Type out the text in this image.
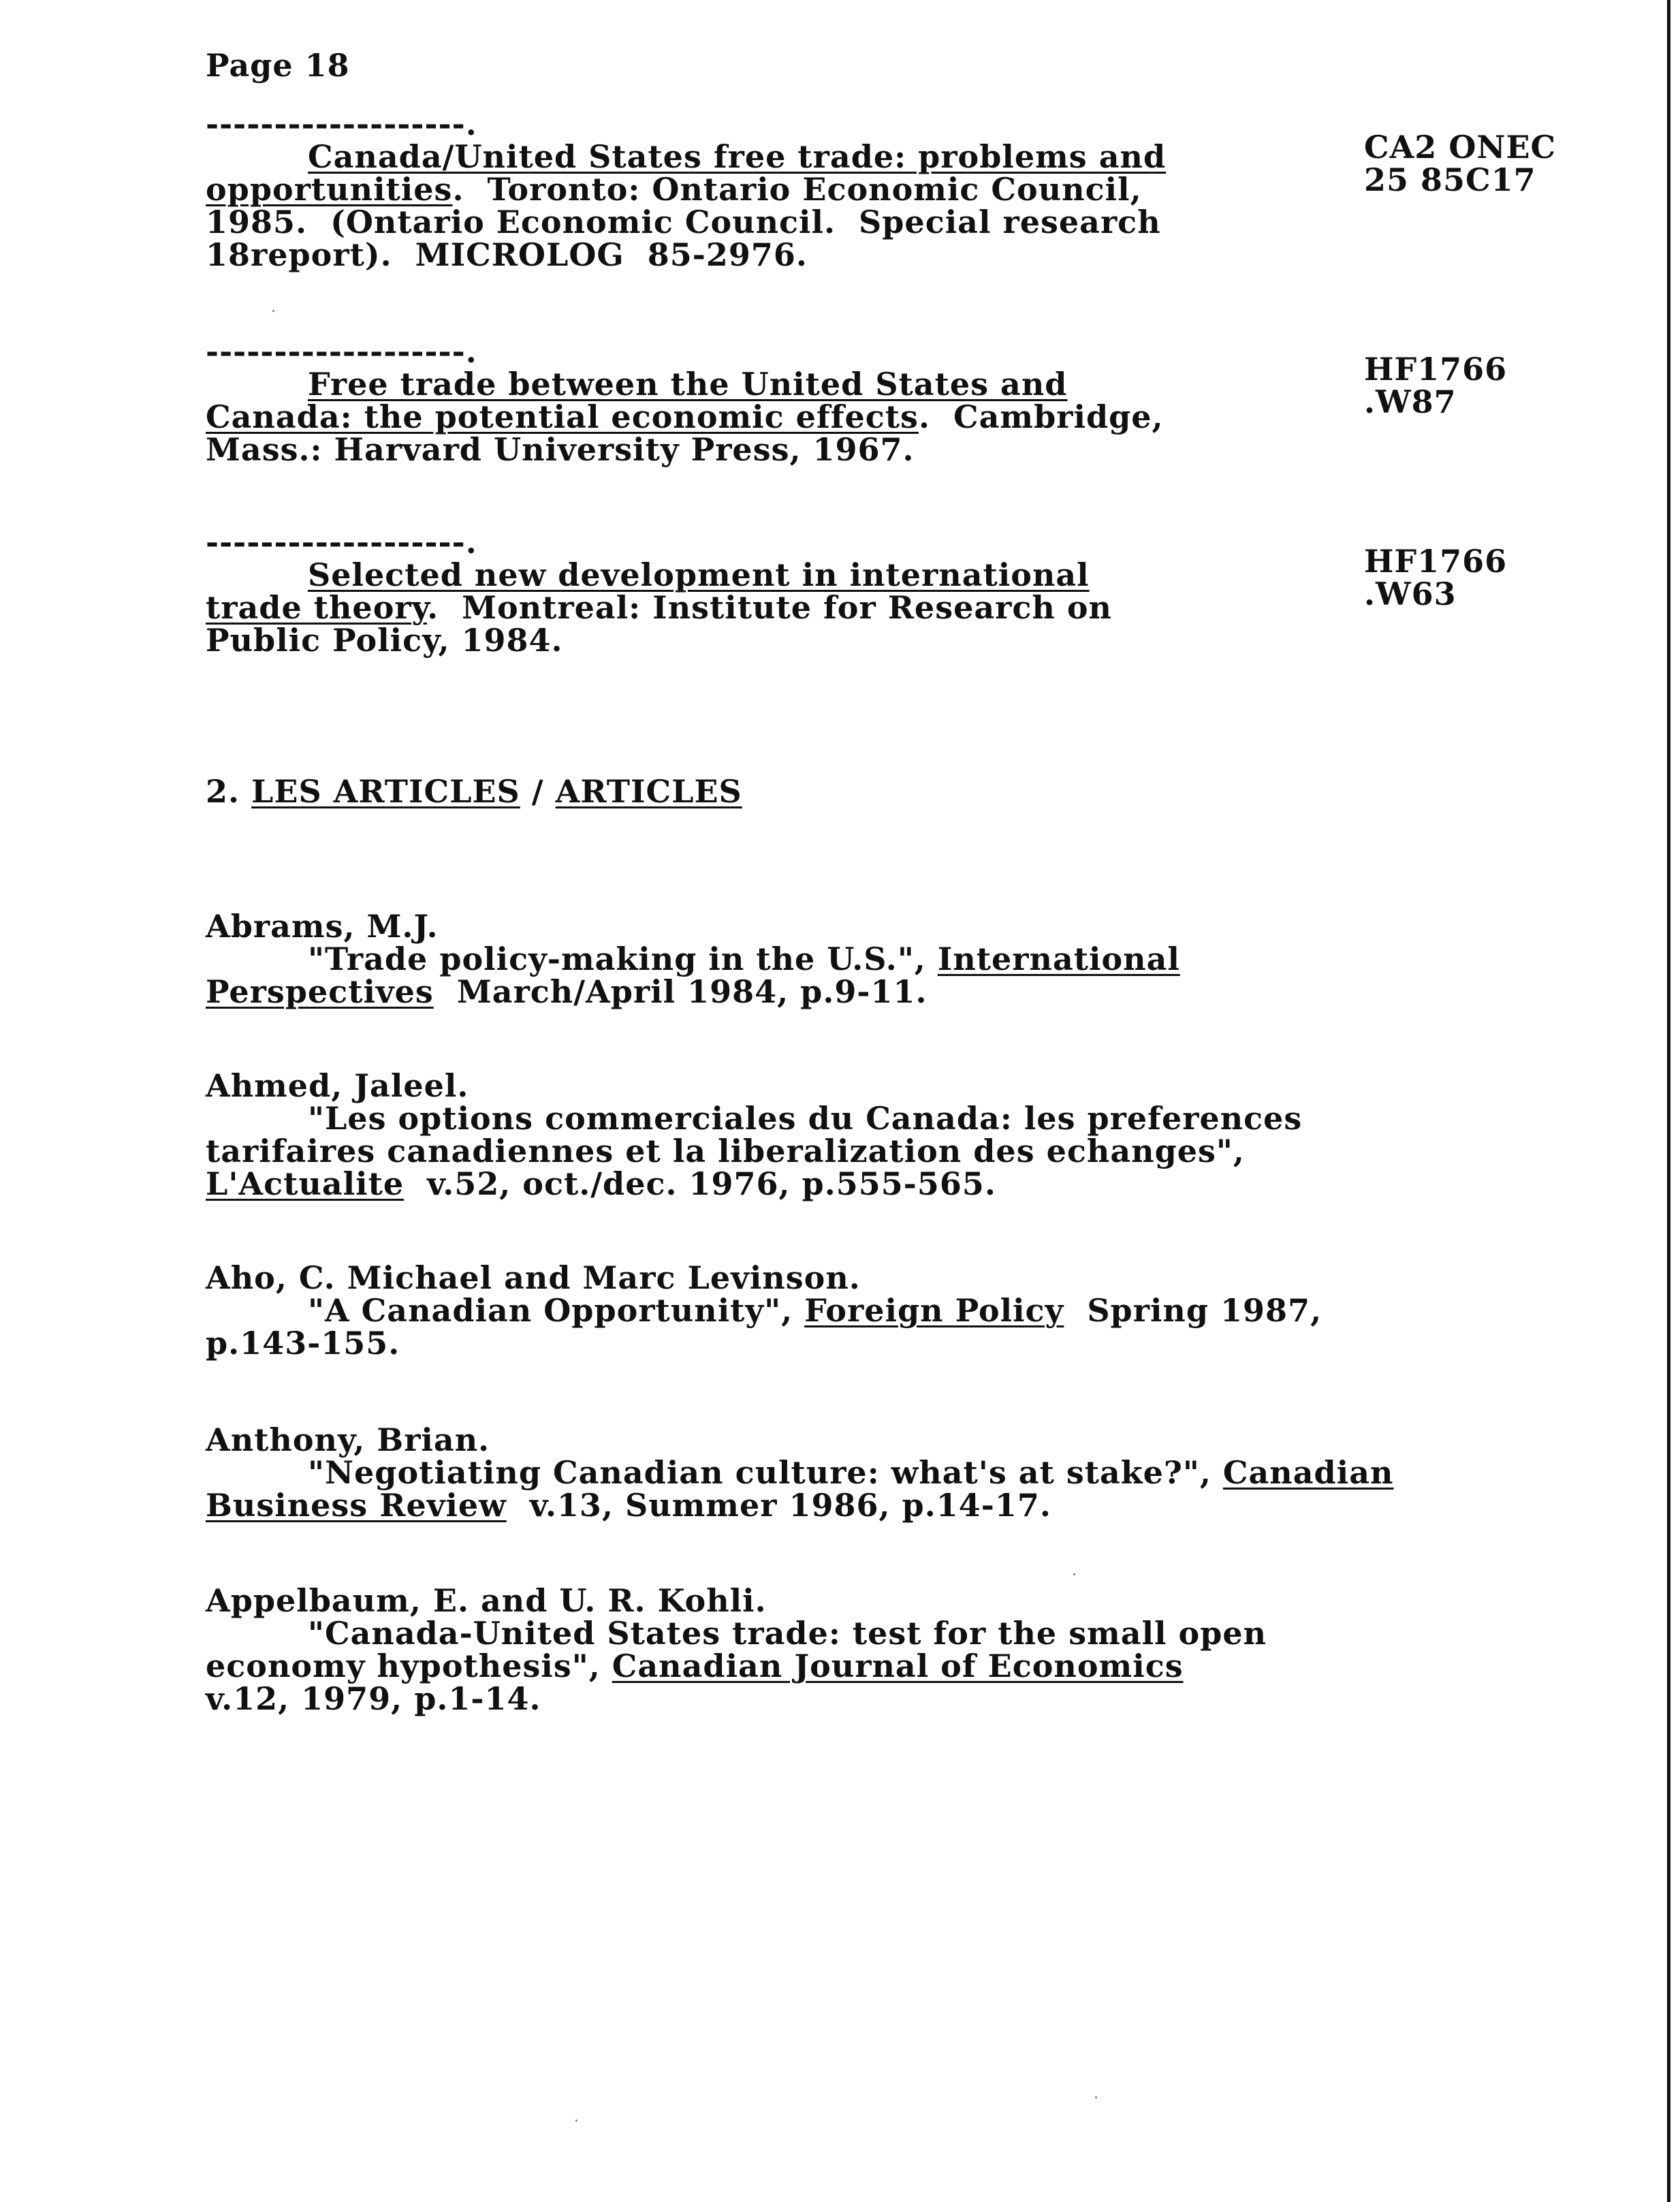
Page 18
-------------------.
Canada/United States free trade: problems and
opportunities.  Toronto: Ontario Economic Council,
1985.  (Ontario Economic Council.  Special research
18report).  MICROLOG  85-2976.
CA2 ONEC
25 85C17
-------------------.
Free trade between the United States and
Canada: the potential economic effects.  Cambridge,
Mass.: Harvard University Press, 1967.
HF1766
.W87
-------------------.
Selected new development in international
trade theory.  Montreal: Institute for Research on
Public Policy, 1984.
HF1766
.W63
2. LES ARTICLES / ARTICLES
Abrams, M.J.
"Trade policy-making in the U.S.", International
Perspectives  March/April 1984, p.9-11.
Ahmed, Jaleel.
"Les options commerciales du Canada: les preferences
tarifaires canadiennes et la liberalization des echanges",
L'Actualite  v.52, oct./dec. 1976, p.555-565.
Aho, C. Michael and Marc Levinson.
"A Canadian Opportunity", Foreign Policy  Spring 1987,
p.143-155.
Anthony, Brian.
"Negotiating Canadian culture: what's at stake?", Canadian
Business Review  v.13, Summer 1986, p.14-17.
Appelbaum, E. and U. R. Kohli.
"Canada-United States trade: test for the small open
economy hypothesis", Canadian Journal of Economics
v.12, 1979, p.1-14.
